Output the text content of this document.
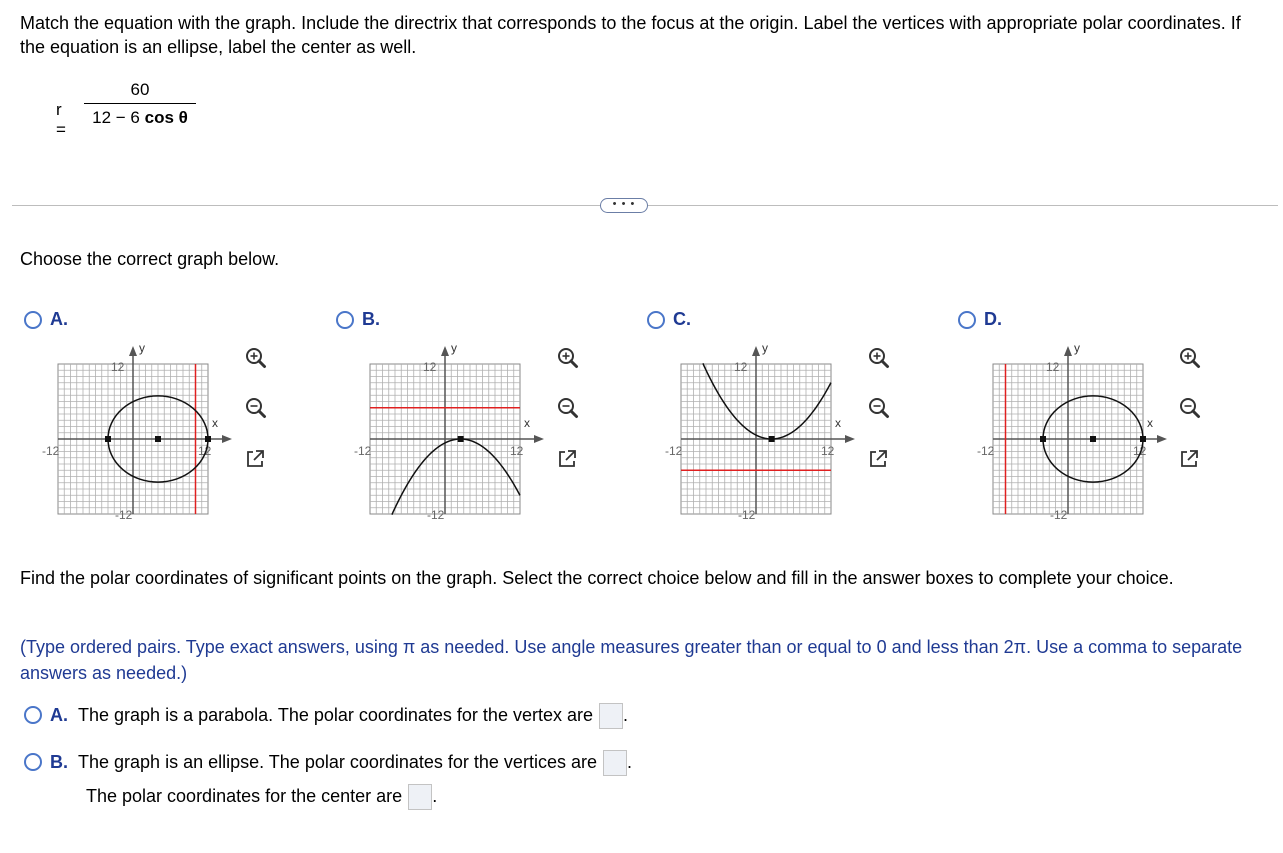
Match the equation with the graph. Include the directrix that corresponds to the focus at the origin. Label the vertices with appropriate polar coordinates. If the equation is an ellipse, label the center as well.
r =
$\frac{60}{\text{12 − 6 cos θ}}$
• • •
Choose the correct graph below.
A.	B.	C.	D.
y
x
12
-12
-12	12
y
x
12
-12
-12	12
y
x
12
-12
-12	12
y
x
12
-12
-12	12
Find the polar coordinates of significant points on the graph. Select the correct choice below and fill in the answer boxes to complete your choice.
(Type ordered pairs. Type exact answers, using π as needed. Use angle measures greater than or equal to 0 and less than 2π. Use a comma to separate answers as needed.)
A. The graph is a parabola. The polar coordinates for the vertex are .
B. The graph is an ellipse. The polar coordinates for the vertices are .
The polar coordinates for the center are .
